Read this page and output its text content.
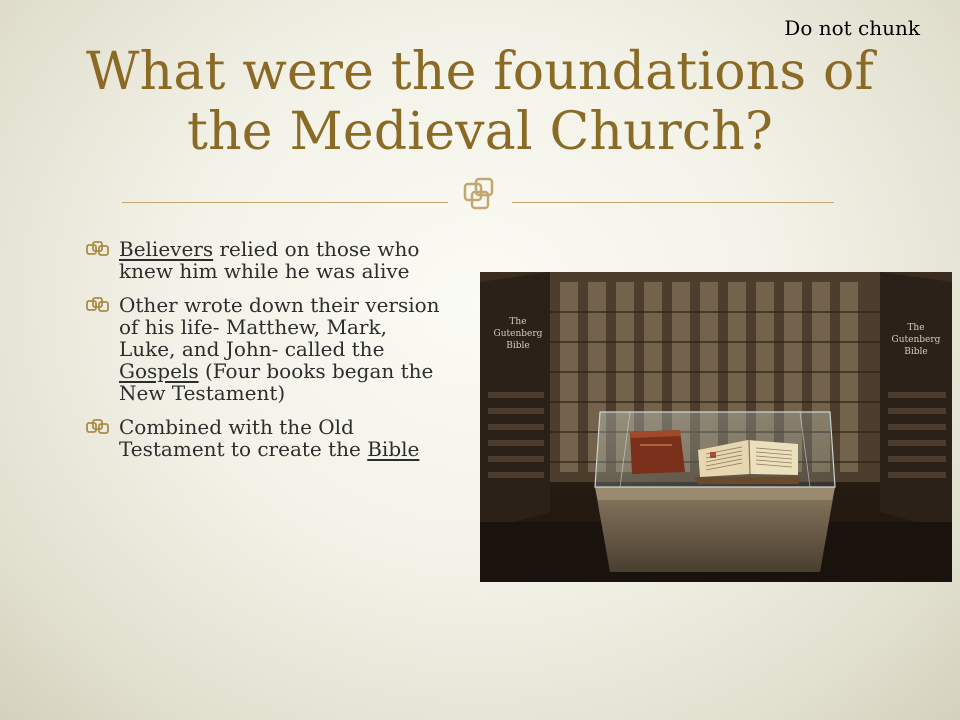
Do not chunk
What were the foundations of the Medieval Church?
Believers relied on those who knew him while he was alive
Other wrote down their version of his life- Matthew, Mark, Luke, and John- called the Gospels (Four books began the New Testament)
Combined with the Old Testament to create the Bible
The
Gutenberg
Bible
The
Gutenberg
Bible
